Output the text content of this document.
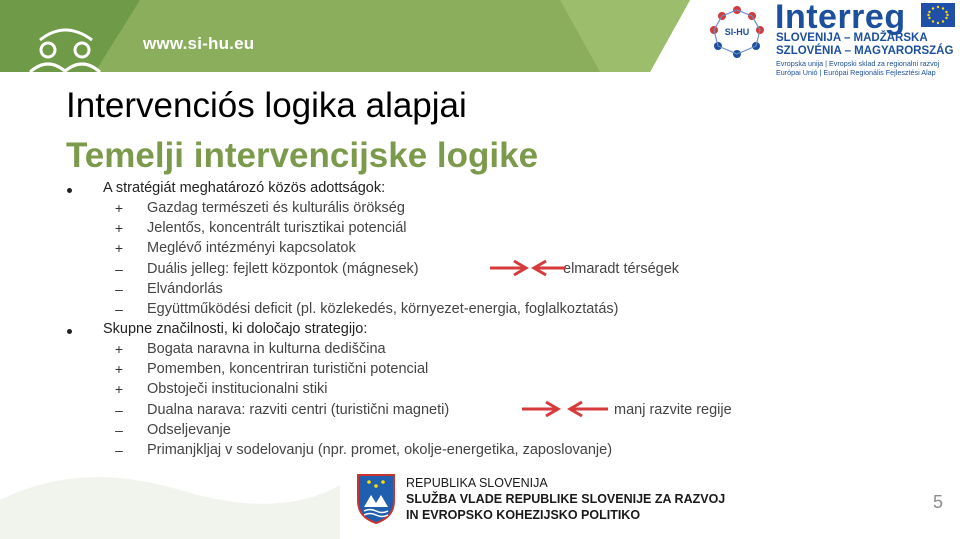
www.si-hu.eu
SI-HU Interreg
SLOVENIJA – MADŽARSKA
SZLOVÉNIA – MAGYARORSZÁG
Evropska unija | Evropski sklad za regionalni razvoj
Európai Unió | Európai Regionális Fejlesztési Alap
Intervenciós logika alapjai
Temelji intervencijske logike
A stratégiát meghatározó közös adottságok:
+ Gazdag természeti és kulturális örökség
+ Jelentős, koncentrált turisztikai potenciál
+ Meglévő intézményi kapcsolatok
– Duális jelleg: fejlett központok (mágnesek)	elmaradt térségek
– Elvándorlás
– Együttműködési deficit (pl. közlekedés, környezet-energia, foglalkoztatás)
Skupne značilnosti, ki določajo strategijo:
+ Bogata naravna in kulturna dediščina
+ Pomemben, koncentriran turistični potencial
+ Obstoječi institucionalni stiki
– Dualna narava: razviti centri (turistični magneti)	manj razvite regije
– Odseljevanje
– Primanjkljaj v sodelovanju (npr. promet, okolje-energetika, zaposlovanje)
REPUBLIKA SLOVENIJA
SLUŽBA VLADE REPUBLIKE SLOVENIJE ZA RAZVOJ
IN EVROPSKO KOHEZIJSKO POLITIKO
5
